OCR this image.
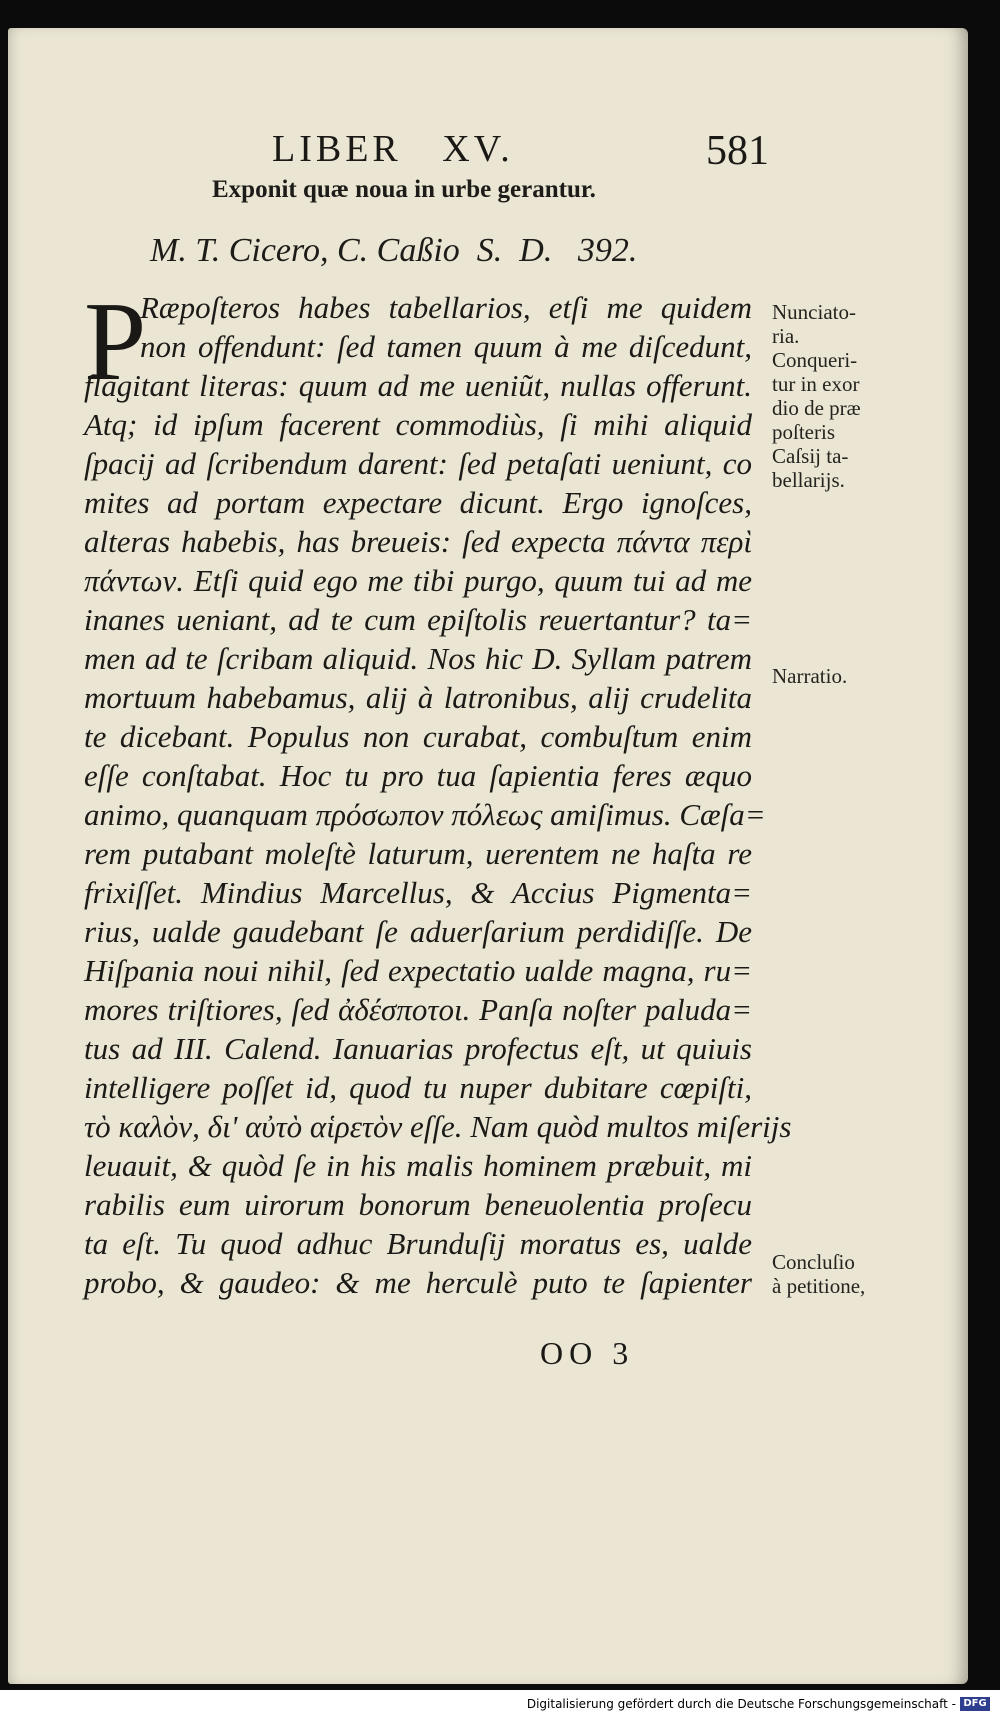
LIBER   XV.	581
Exponit quæ noua in urbe gerantur.
M. T. Cicero, C. Caßio  S.  D.   392.
P
Ræpoſteros habes tabellarios, etſi me quidem
non offendunt: ſed tamen quum à me diſcedunt,
flagitant literas: quum ad me ueniũt, nullas offerunt.
Atq; id ipſum facerent commodiùs, ſi mihi aliquid
ſpacij ad ſcribendum darent: ſed petaſati ueniunt, co
mites ad portam expectare dicunt. Ergo ignoſces,
alteras habebis, has breueis: ſed expecta πάντα περὶ
πάντων. Etſi quid ego me tibi purgo, quum tui ad me
inanes ueniant, ad te cum epiſtolis reuertantur? ta=
men ad te ſcribam aliquid. Nos hic D. Syllam patrem
mortuum habebamus, alij à latronibus, alij crudelita
te dicebant. Populus non curabat, combuſtum enim
eſſe conſtabat. Hoc tu pro tua ſapientia feres æquo
animo, quanquam πρόσωπον πόλεως amiſimus. Cæſa=
rem putabant moleſtè laturum, uerentem ne haſta re
frixiſſet. Mindius Marcellus, & Accius Pigmenta=
rius, ualde gaudebant ſe aduerſarium perdidiſſe. De
Hiſpania noui nihil, ſed expectatio ualde magna, ru=
mores triſtiores, ſed ἀδέσποτοι. Panſa noſter paluda=
tus ad III. Calend. Ianuarias profectus eſt, ut quiuis
intelligere poſſet id, quod tu nuper dubitare cœpiſti,
τὸ καλὸν, δι' αὐτὸ αἱρετὸν eſſe. Nam quòd multos miſerijs
leuauit, & quòd ſe in his malis hominem præbuit, mi
rabilis eum uirorum bonorum beneuolentia proſecu
ta eſt. Tu quod adhuc Brunduſij moratus es, ualde
probo, & gaudeo: & me herculè puto te ſapienter
Nunciato-
ria.
Conqueri-
tur in exor
dio de præ
poſteris
Caſsij ta-
bellarijs.
Narratio.
Concluſio
à petitione,
OO 3
Digitalisierung gefördert durch die Deutsche Forschungsgemeinschaft - DFG
